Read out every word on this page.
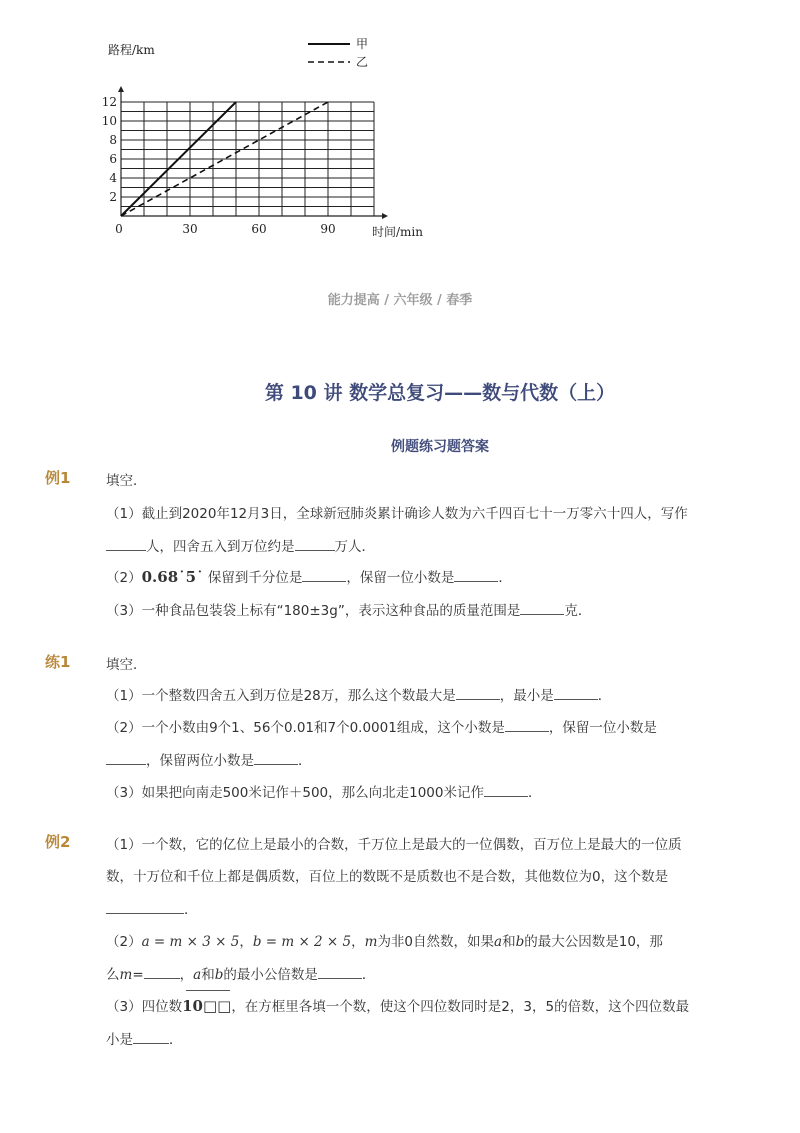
0	30	60	90
2
4
6
8
10
12
路程/km
时间/min
甲
乙
能力提高 / 六年级 / 春季
第 10 讲 数学总复习——数与代数（上）
例题练习题答案
例1	填空．
（1）截止到2020年12月3日，全球新冠肺炎累计确诊人数为六千四百七十一万零六十四人，写作
人，四舍五入到万位约是	万人．
（2）0.68˙5˙ 保留到千分位是	，保留一位小数是	．
（3）一种食品包装袋上标有“180±3g”，表示这种食品的质量范围是	克．
练1	填空．
（1）一个整数四舍五入到万位是28万，那么这个数最大是	，最小是	．
（2）一个小数由9个1、56个0.01和7个0.0001组成，这个小数是	，保留一位小数是
，保留两位小数是	．
（3）如果把向南走500米记作＋500，那么向北走1000米记作	．
例2	（1）一个数，它的亿位上是最小的合数，千万位上是最大的一位偶数，百万位上是最大的一位质
数，十万位和千位上都是偶质数，百位上的数既不是质数也不是合数，其他数位为0，这个数是
．
（2）a = m × 3 × 5，b = m × 2 × 5，m为非0自然数，如果a和b的最大公因数是10，那
么m=	，a和b的最小公倍数是	．
（3）四位数10□□，在方框里各填一个数，使这个四位数同时是2，3，5的倍数，这个四位数最
小是	．
